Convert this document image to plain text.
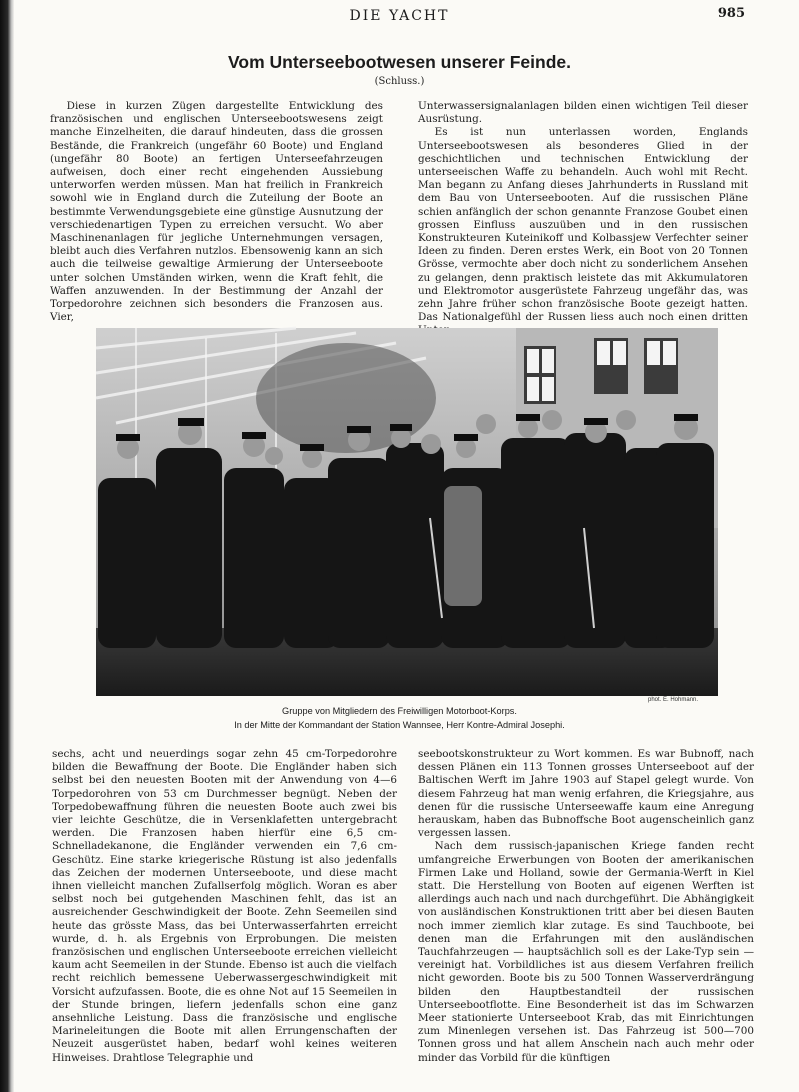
DIE YACHT	985
Vom Unterseebootwesen unserer Feinde.
(Schluss.)

Diese in kurzen Zügen dargestellte Entwicklung des französischen und englischen Unterseebootswesens zeigt manche Einzelheiten, die darauf hindeuten, dass die grossen Bestände, die Frankreich (ungefähr 60 Boote) und England (ungefähr 80 Boote) an fertigen Unterseefahrzeugen aufweisen, doch einer recht eingehenden Aussiebung unterworfen werden müssen. Man hat freilich in Frankreich sowohl wie in England durch die Zuteilung der Boote an bestimmte Verwendungsgebiete eine günstige Ausnutzung der verschiedenartigen Typen zu erreichen versucht. Wo aber Maschinenanlagen für jegliche Unternehmungen versagen, bleibt auch dies Verfahren nutzlos. Ebensowenig kann an sich auch die teilweise gewaltige Armierung der Unterseeboote unter solchen Umständen wirken, wenn die Kraft fehlt, die Waffen anzuwenden. In der Bestimmung der Anzahl der Torpedorohre zeichnen sich besonders die Franzosen aus. Vier,

Unterwassersignalanlagen bilden einen wichtigen Teil dieser Ausrüstung.

Es ist nun unterlassen worden, Englands Unterseebootswesen als besonderes Glied in der geschichtlichen und technischen Entwicklung der unterseeischen Waffe zu behandeln. Auch wohl mit Recht. Man begann zu Anfang dieses Jahrhunderts in Russland mit dem Bau von Unterseebooten. Auf die russischen Pläne schien anfänglich der schon genannte Franzose Goubet einen grossen Einfluss auszuüben und in den russischen Konstrukteuren Kuteinikoff und Kolbassjew Verfechter seiner Ideen zu finden. Deren erstes Werk, ein Boot von 20 Tonnen Grösse, vermochte aber doch nicht zu sonderlichem Ansehen zu gelangen, denn praktisch leistete das mit Akkumulatoren und Elektromotor ausgerüstete Fahrzeug ungefähr das, was zehn Jahre früher schon französische Boote gezeigt hatten. Das Nationalgefühl der Russen liess auch noch einen dritten

phot. E. Hohmann.
Gruppe von Mitgliedern des Freiwilligen Motorboot-Korps.
In der Mitte der Kommandant der Station Wannsee, Herr Kontre-Admiral Josephi.

sechs, acht und neuerdings sogar zehn 45 cm-Torpedorohre bilden die Bewaffnung der Boote. Die Engländer haben sich selbst bei den neuesten Booten mit der Anwendung von 4—6 Torpedorohren von 53 cm Durchmesser begnügt. Neben der Torpedobewaffnung führen die neuesten Boote auch zwei bis vier leichte Geschütze, die in Versenklafetten untergebracht werden. Die Franzosen haben hierfür eine 6,5 cm-Schnelladekanone, die Engländer verwenden ein 7,6 cm-Geschütz. Eine starke kriegerische Rüstung ist also jedenfalls das Zeichen der modernen Unterseeboote, und diese macht ihnen vielleicht manchen Zufallserfolg möglich. Woran es aber selbst noch bei gutgehenden Maschinen fehlt, das ist an ausreichender Geschwindigkeit der Boote. Zehn Seemeilen sind heute das grösste Mass, das bei Unterwasserfahrten erreicht wurde, d. h. als Ergebnis von Erprobungen. Die meisten französischen und englischen Unterseeboote erreichen vielleicht kaum acht Seemeilen in der Stunde. Ebenso ist auch die vielfach recht reichlich bemessene Ueberwassergeschwindigkeit mit Vorsicht aufzufassen. Boote, die es ohne Not auf 15 Seemeilen in der Stunde bringen, liefern jedenfalls schon eine ganz ansehnliche Leistung. Dass die französische und englische Marineleitungen die Boote mit allen Errungenschaften der Neuzeit ausgerüstet haben, bedarf wohl keines weiteren Hinweises. Drahtlose Telegraphie und

seebootskonstrukteur zu Wort kommen. Es war Bubnoff, nach dessen Plänen ein 113 Tonnen grosses Unterseeboot auf der Baltischen Werft im Jahre 1903 auf Stapel gelegt wurde. Von diesem Fahrzeug hat man wenig erfahren, die Kriegsjahre, aus denen für die russische Unterseewaffe kaum eine Anregung herauskam, haben das Bubnoffsche Boot augenscheinlich ganz vergessen lassen.

Nach dem russisch-japanischen Kriege fanden recht umfangreiche Erwerbungen von Booten der amerikanischen Firmen Lake und Holland, sowie der Germania-Werft in Kiel statt. Die Herstellung von Booten auf eigenen Werften ist allerdings auch nach und nach durchgeführt. Die Abhängigkeit von ausländischen Konstruktionen tritt aber bei diesen Bauten noch immer ziemlich klar zutage. Es sind Tauchboote, bei denen man die Erfahrungen mit den ausländischen Tauchfahrzeugen — hauptsächlich soll es der Lake-Typ sein — vereinigt hat. Vorbildliches ist aus diesem Verfahren freilich nicht geworden. Boote bis zu 500 Tonnen Wasserverdrängung bilden den Hauptbestandteil der russischen Unterseebootflotte. Eine Besonderheit ist das im Schwarzen Meer stationierte Unterseeboot Krab, das mit Einrichtungen zum Minenlegen versehen ist. Das Fahrzeug ist 500—700 Tonnen gross und hat allem Anschein nach auch mehr oder minder das Vorbild für die künftigen
